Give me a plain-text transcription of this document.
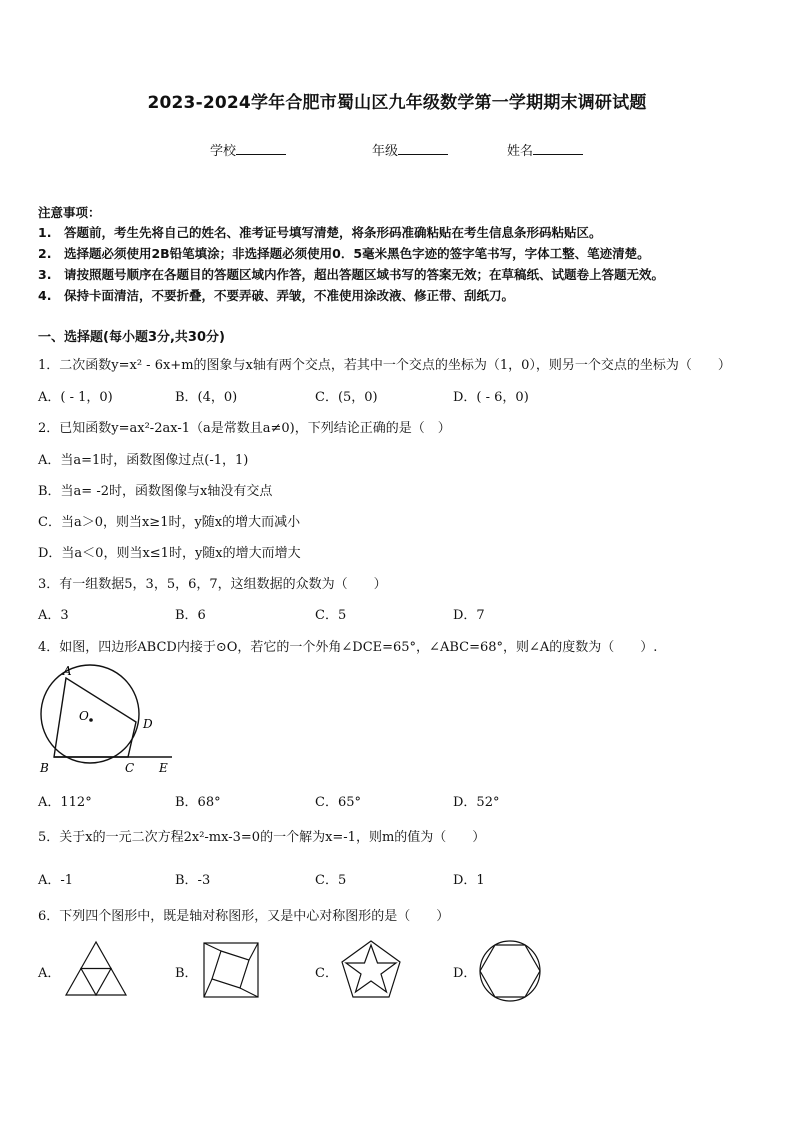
2023-2024学年合肥市蜀山区九年级数学第一学期期末调研试题
学校	年级	姓名
注意事项：
1.　答题前，考生先将自己的姓名、准考证号填写清楚，将条形码准确粘贴在考生信息条形码粘贴区。
2.　选择题必须使用2B铅笔填涂；非选择题必须使用0．5毫米黑色字迹的签字笔书写，字体工整、笔迹清楚。
3.　请按照题号顺序在各题目的答题区域内作答，超出答题区域书写的答案无效；在草稿纸、试题卷上答题无效。
4.　保持卡面清洁，不要折叠，不要弄破、弄皱，不准使用涂改液、修正带、刮纸刀。
一、选择题(每小题3分,共30分)
1．二次函数y=x² - 6x+m的图象与x轴有两个交点，若其中一个交点的坐标为（1，0），则另一个交点的坐标为（　　）
A．( - 1，0)	B．(4，0)	C．(5，0)	D．( - 6，0)
2．已知函数y=ax²-2ax-1（a是常数且a≠0)，下列结论正确的是（　）
A．当a=1时，函数图像过点(-1，1)
B．当a= -2时，函数图像与x轴没有交点
C．当a＞0，则当x≥1时，y随x的增大而减小
D．当a＜0，则当x≤1时，y随x的增大而增大
3．有一组数据5，3，5，6，7，这组数据的众数为（　　）
A．3	B．6	C．5	D．7
4．如图，四边形ABCD内接于⊙O，若它的一个外角∠DCE=65°，∠ABC=68°，则∠A的度数为（　　）.
A
O
D
B	C E
A．112°	B．68°	C．65°	D．52°
5．关于x的一元二次方程2x²-mx-3=0的一个解为x=-1，则m的值为（　　）
A．-1	B．-3	C．5	D．1
6．下列四个图形中，既是轴对称图形，又是中心对称图形的是（　　）
A．	B．	C．	D．
